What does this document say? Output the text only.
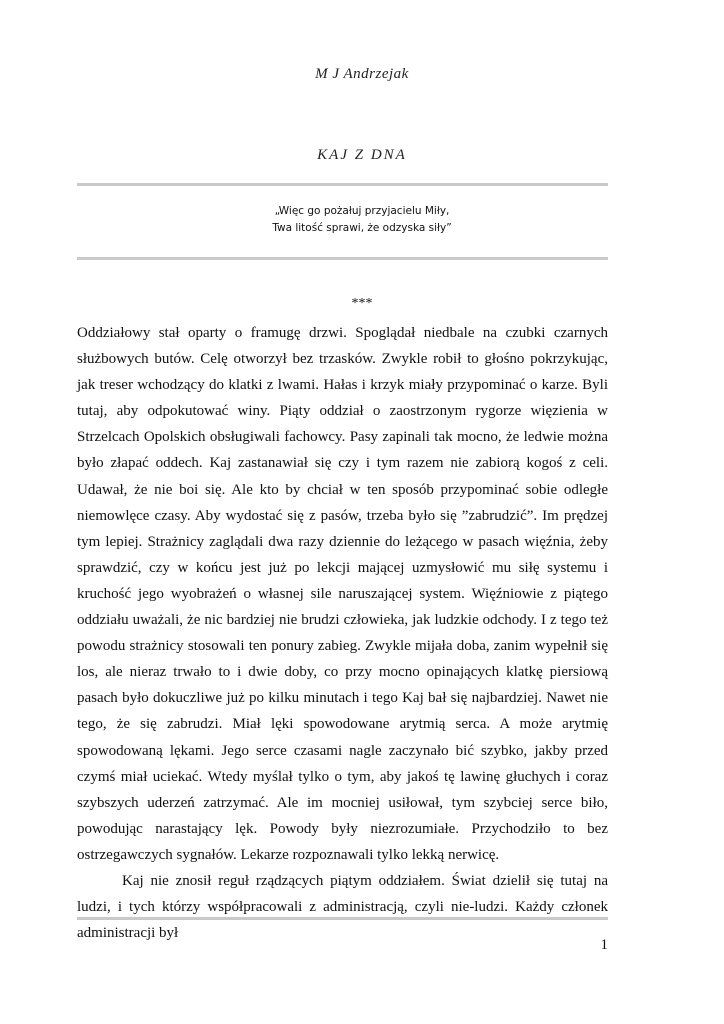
M J Andrzejak
KAJ Z DNA
„Więc go pożałuj przyjacielu Miły,
Twa litość sprawi, że odzyska siły”
***

Oddziałowy stał oparty o framugę drzwi. Spoglądał niedbale na czubki czarnych służbowych butów. Celę otworzył bez trzasków. Zwykle robił to głośno pokrzykując, jak treser wchodzący do klatki z lwami. Hałas i krzyk miały przypominać o karze. Byli tutaj, aby odpokutować winy. Piąty oddział o zaostrzonym rygorze więzienia w Strzelcach Opolskich obsługiwali fachowcy. Pasy zapinali tak mocno, że ledwie można było złapać oddech. Kaj zastanawiał się czy i tym razem nie zabiorą kogoś z celi. Udawał, że nie boi się. Ale kto by chciał w ten sposób przypominać sobie odległe niemowlęce czasy. Aby wydostać się z pasów, trzeba było się ”zabrudzić”. Im prędzej tym lepiej. Strażnicy zaglądali dwa razy dziennie do leżącego w pasach więźnia, żeby sprawdzić, czy w końcu jest już po lekcji mającej uzmysłowić mu siłę systemu i kruchość jego wyobrażeń o własnej sile naruszającej system. Więźniowie z piątego oddziału uważali, że nic bardziej nie brudzi człowieka, jak ludzkie odchody. I z tego też powodu strażnicy stosowali ten ponury zabieg. Zwykle mijała doba, zanim wypełnił się los, ale nieraz trwało to i dwie doby, co przy mocno opinających klatkę piersiową pasach było dokuczliwe już po kilku minutach i tego Kaj bał się najbardziej. Nawet nie tego, że się zabrudzi. Miał lęki spowodowane arytmią serca. A może arytmię spowodowaną lękami. Jego serce czasami nagle zaczynało bić szybko, jakby przed czymś miał uciekać. Wtedy myślał tylko o tym, aby jakoś tę lawinę głuchych i coraz szybszych uderzeń zatrzymać. Ale im mocniej usiłował, tym szybciej serce biło, powodując narastający lęk. Powody były niezrozumiałe. Przychodziło to bez ostrzegawczych sygnałów. Lekarze rozpoznawali tylko lekką nerwicę.

Kaj nie znosił reguł rządzących piątym oddziałem. Świat dzielił się tutaj na ludzi, i tych którzy współpracowali z administracją, czyli nie-ludzi. Każdy członek administracji był

1
